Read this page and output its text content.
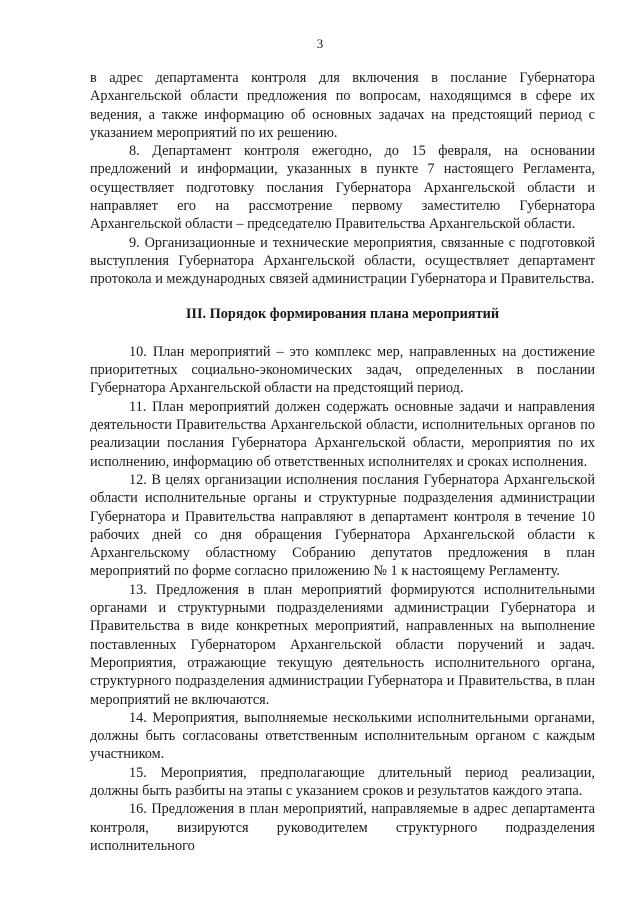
3

в адрес департамента контроля для включения в послание Губернатора Архангельской области предложения по вопросам, находящимся в сфере их ведения, а также информацию об основных задачах на предстоящий период с указанием мероприятий по их решению.

8. Департамент контроля ежегодно, до 15 февраля, на основании предложений и информации, указанных в пункте 7 настоящего Регламента, осуществляет подготовку послания Губернатора Архангельской области и направляет его на рассмотрение первому заместителю Губернатора Архангельской области – председателю Правительства Архангельской области.

9. Организационные и технические мероприятия, связанные с подготовкой выступления Губернатора Архангельской области, осуществляет департамент протокола и международных связей администрации Губернатора и Правительства.

III. Порядок формирования плана мероприятий

10. План мероприятий – это комплекс мер, направленных на достижение приоритетных социально-экономических задач, определенных в послании Губернатора Архангельской области на предстоящий период.

11. План мероприятий должен содержать основные задачи и направления деятельности Правительства Архангельской области, исполнительных органов по реализации послания Губернатора Архангельской области, мероприятия по их исполнению, информацию об ответственных исполнителях и сроках исполнения.

12. В целях организации исполнения послания Губернатора Архангельской области исполнительные органы и структурные подразделения администрации Губернатора и Правительства направляют в департамент контроля в течение 10 рабочих дней со дня обращения Губернатора Архангельской области к Архангельскому областному Собранию депутатов предложения в план мероприятий по форме согласно приложению № 1 к настоящему Регламенту.

13. Предложения в план мероприятий формируются исполнительными органами и структурными подразделениями администрации Губернатора и Правительства в виде конкретных мероприятий, направленных на выполнение поставленных Губернатором Архангельской области поручений и задач. Мероприятия, отражающие текущую деятельность исполнительного органа, структурного подразделения администрации Губернатора и Правительства, в план мероприятий не включаются.

14. Мероприятия, выполняемые несколькими исполнительными органами, должны быть согласованы ответственным исполнительным органом с каждым участником.

15. Мероприятия, предполагающие длительный период реализации, должны быть разбиты на этапы с указанием сроков и результатов каждого этапа.

16. Предложения в план мероприятий, направляемые в адрес департамента контроля, визируются руководителем структурного подразделения исполнительного
